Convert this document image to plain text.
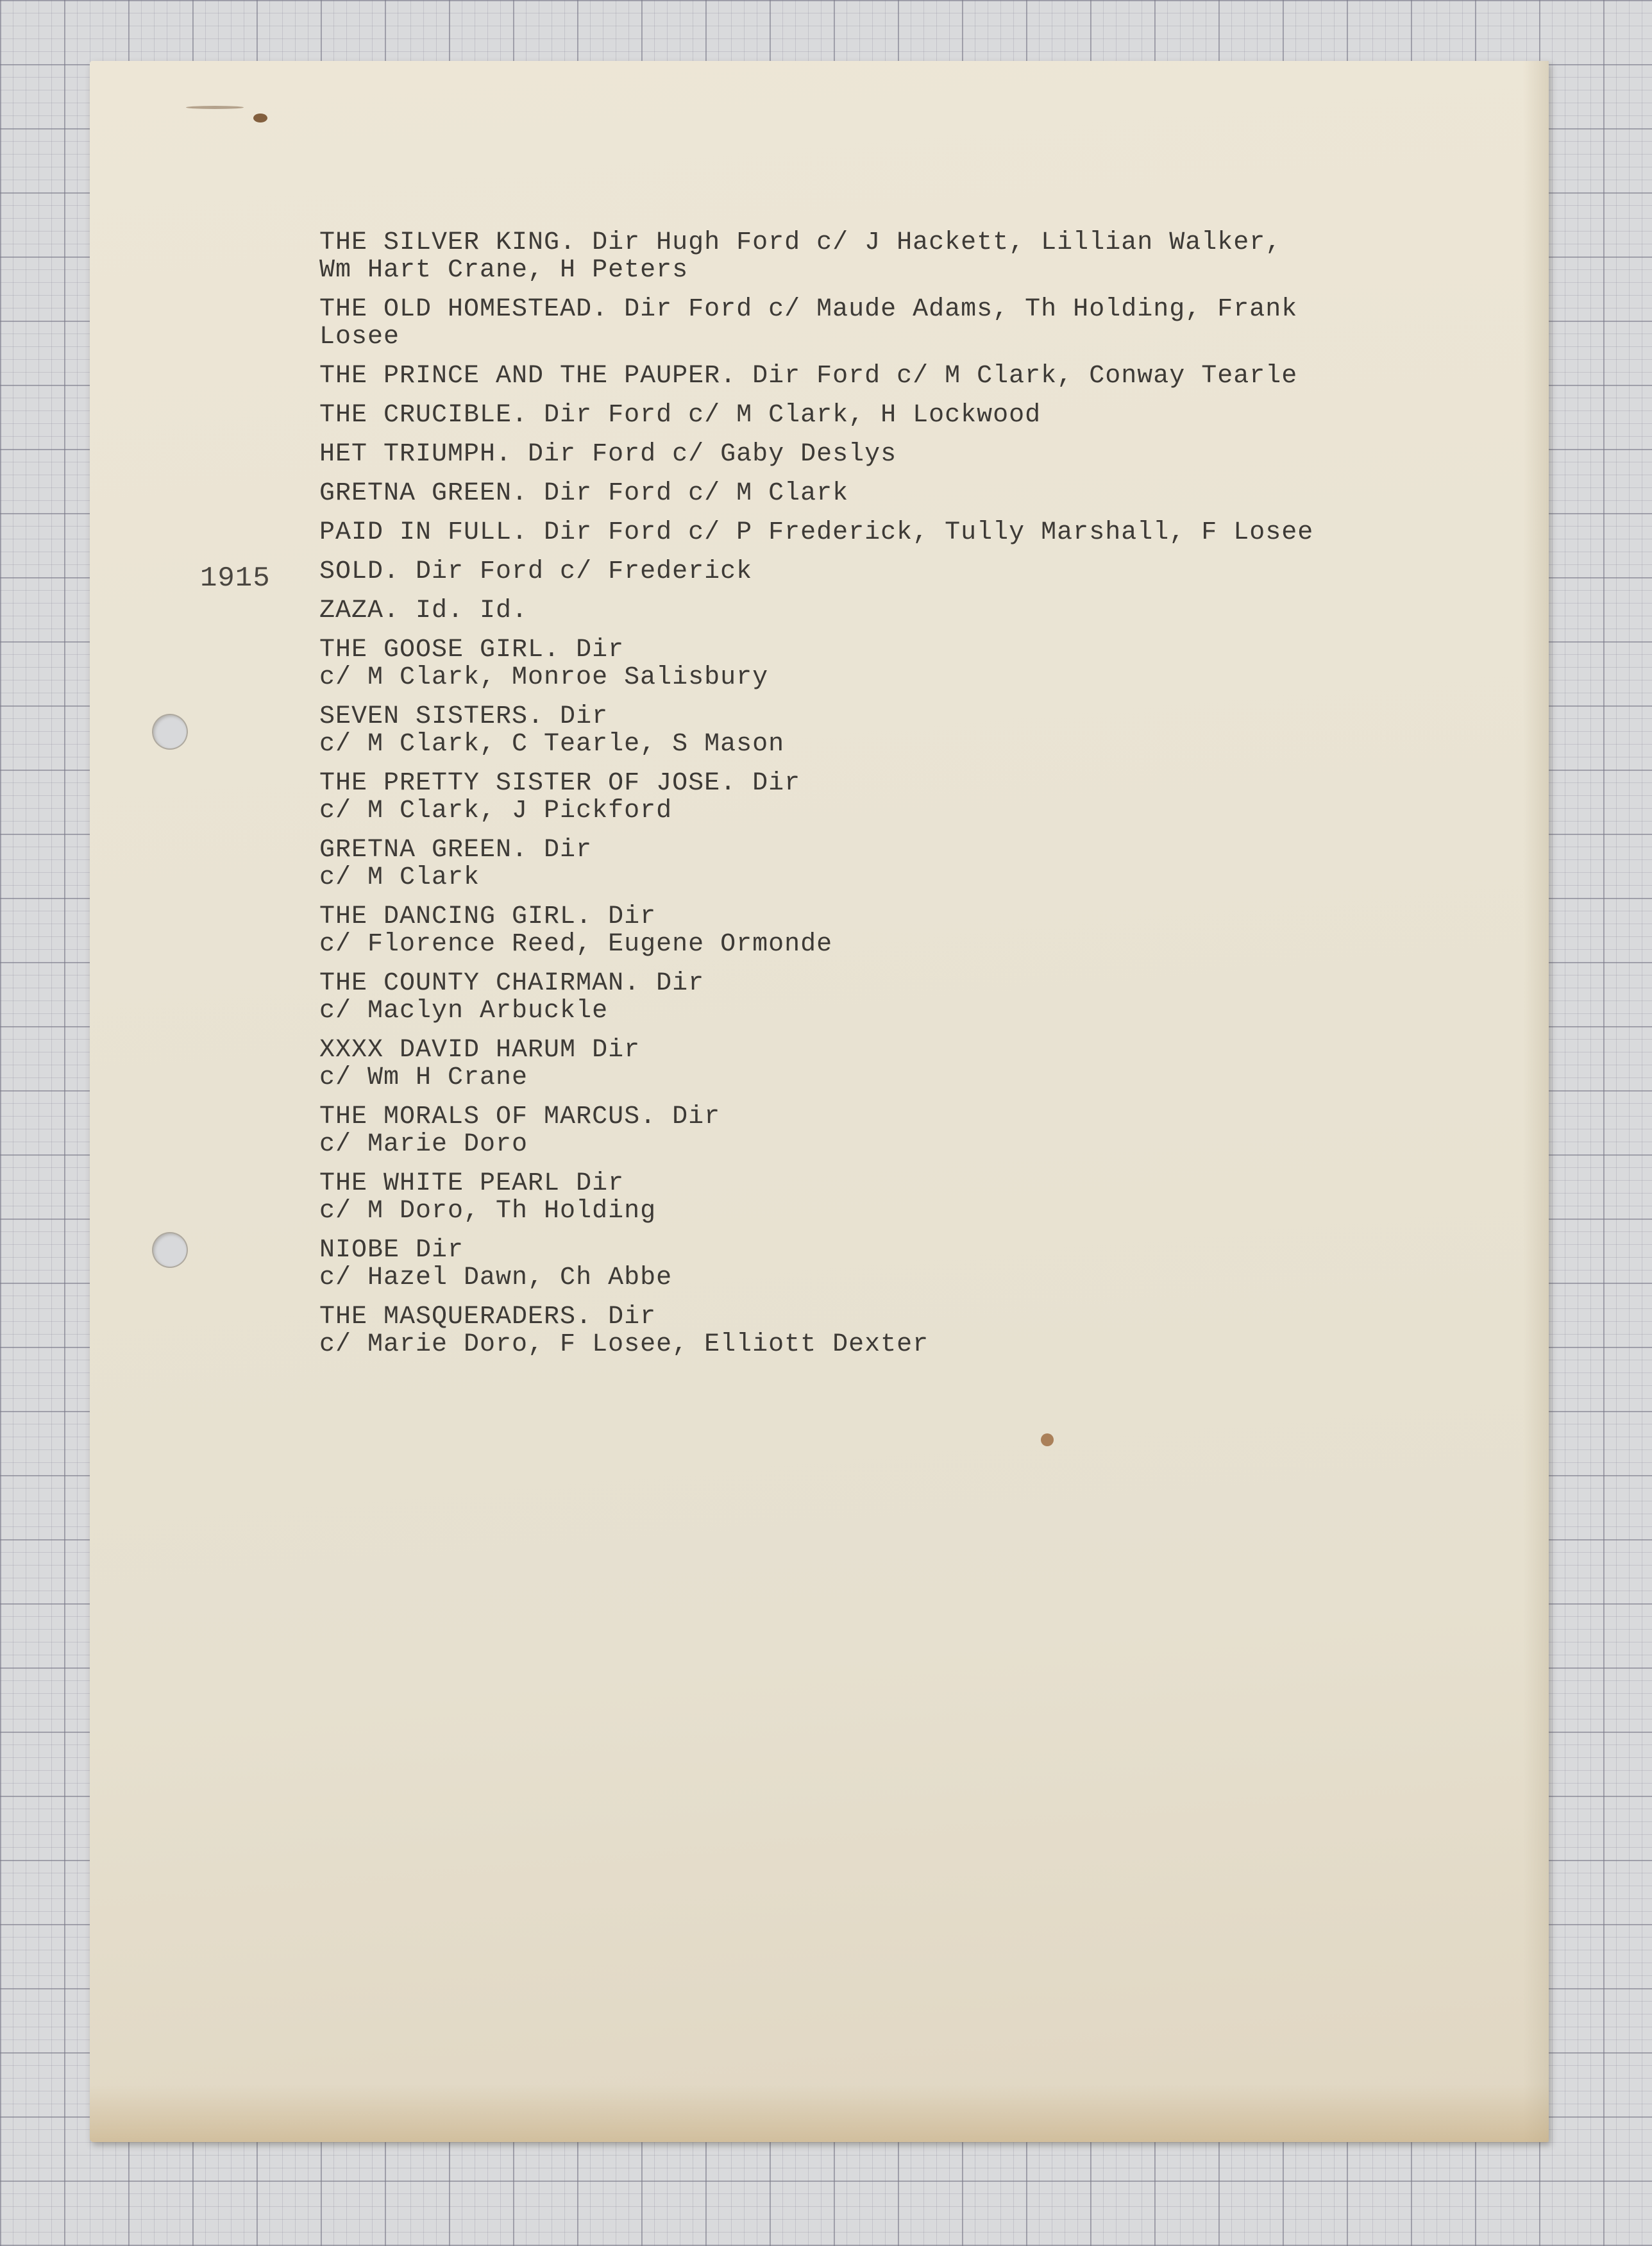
1915
THE SILVER KING. Dir Hugh Ford c/ J Hackett, Lillian Walker,
Wm Hart Crane, H Peters
THE OLD HOMESTEAD. Dir Ford c/ Maude Adams, Th Holding, Frank
Losee
THE PRINCE AND THE PAUPER. Dir Ford c/ M Clark, Conway Tearle
THE CRUCIBLE. Dir Ford c/ M Clark, H Lockwood
HET TRIUMPH. Dir Ford c/ Gaby Deslys
GRETNA GREEN. Dir Ford c/ M Clark
PAID IN FULL. Dir Ford c/ P Frederick, Tully Marshall, F Losee
SOLD. Dir Ford c/ Frederick
ZAZA. Id. Id.
THE GOOSE GIRL. Dir
c/ M Clark, Monroe Salisbury
SEVEN SISTERS. Dir
c/ M Clark, C Tearle, S Mason
THE PRETTY SISTER OF JOSE. Dir
c/ M Clark, J Pickford
GRETNA GREEN. Dir
c/ M Clark
THE DANCING GIRL. Dir
c/ Florence Reed, Eugene Ormonde
THE COUNTY CHAIRMAN. Dir
c/ Maclyn Arbuckle
XXXX DAVID HARUM Dir
c/ Wm H Crane
THE MORALS OF MARCUS. Dir
c/ Marie Doro
THE WHITE PEARL Dir
c/ M Doro, Th Holding
NIOBE Dir
c/ Hazel Dawn, Ch Abbe
THE MASQUERADERS. Dir
c/ Marie Doro, F Losee, Elliott Dexter
